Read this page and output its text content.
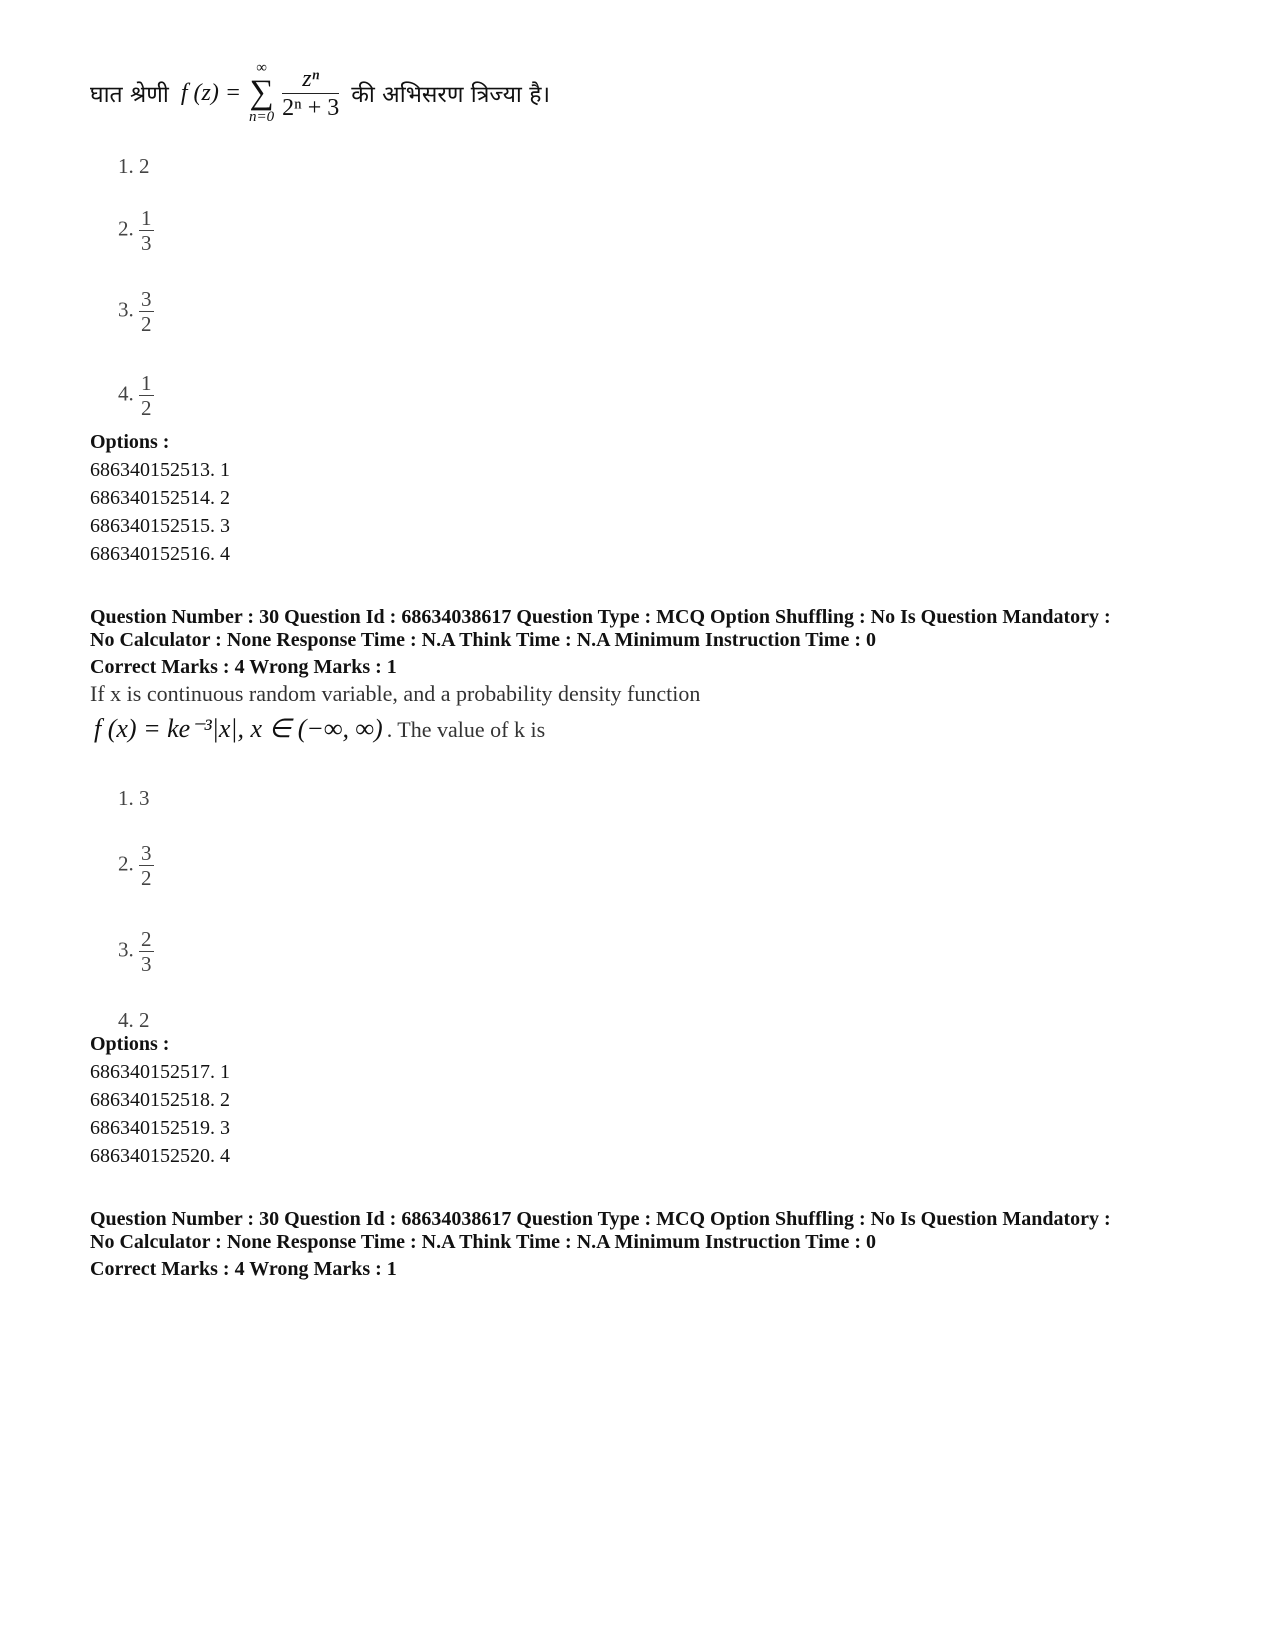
घात श्रेणी f (z) =
∞
∑
$n=0 \frac{\text{zⁿ}}{\text{2ⁿ + 3}}$ की अभिसरण त्रिज्या है।
1. 2
2. $\frac{1}{3}$
3. $\frac{3}{2}$
4. $\frac{1}{2}$
Options :
686340152513. 1
686340152514. 2
686340152515. 3
686340152516. 4
Question Number : 30 Question Id : 68634038617 Question Type : MCQ Option Shuffling : No Is Question Mandatory :
No Calculator : None Response Time : N.A Think Time : N.A Minimum Instruction Time : 0
Correct Marks : 4 Wrong Marks : 1
If x is continuous random variable, and a probability density function
f (x) = ke⁻³|x|, x ∈ (−∞, ∞) . The value of k is
1. 3
2. $\frac{3}{2}$
3. $\frac{2}{3}$
4. 2
Options :
686340152517. 1
686340152518. 2
686340152519. 3
686340152520. 4
Question Number : 30 Question Id : 68634038617 Question Type : MCQ Option Shuffling : No Is Question Mandatory :
No Calculator : None Response Time : N.A Think Time : N.A Minimum Instruction Time : 0
Correct Marks : 4 Wrong Marks : 1
